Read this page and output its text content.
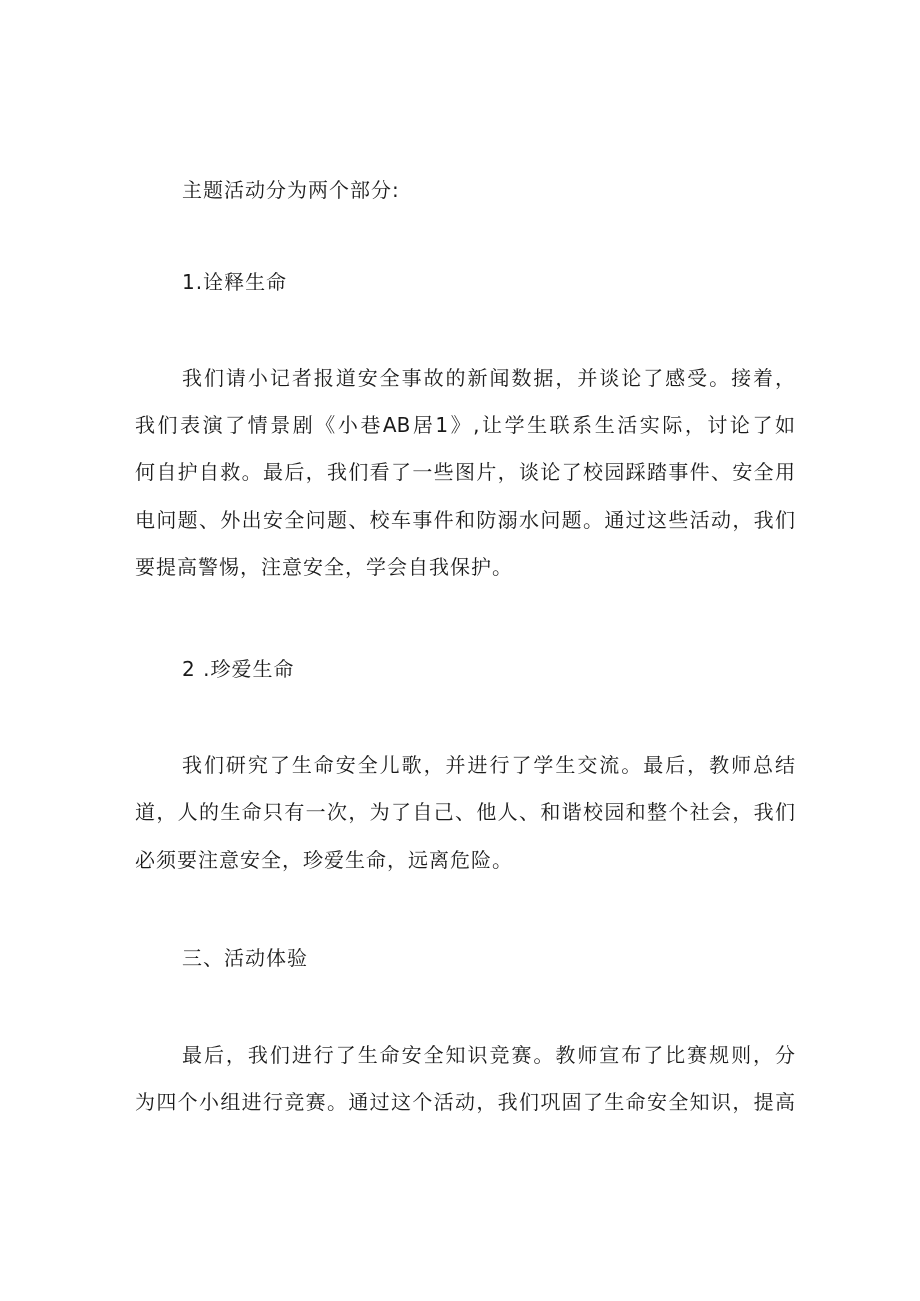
主题活动分为两个部分:
1.诠释生命
我们请小记者报道安全事故的新闻数据，并谈论了感受。接着，
我们表演了情景剧《小巷AB居1》,让学生联系生活实际，讨论了如
何自护自救。最后，我们看了一些图片，谈论了校园踩踏事件、安全用
电问题、外出安全问题、校车事件和防溺水问题。通过这些活动，我们
要提高警惕，注意安全，学会自我保护。
2 .珍爱生命
我们研究了生命安全儿歌，并进行了学生交流。最后，教师总结
道，人的生命只有一次，为了自己、他人、和谐校园和整个社会，我们
必须要注意安全，珍爱生命，远离危险。
三、活动体验
最后，我们进行了生命安全知识竞赛。教师宣布了比赛规则，分
为四个小组进行竞赛。通过这个活动，我们巩固了生命安全知识，提高
